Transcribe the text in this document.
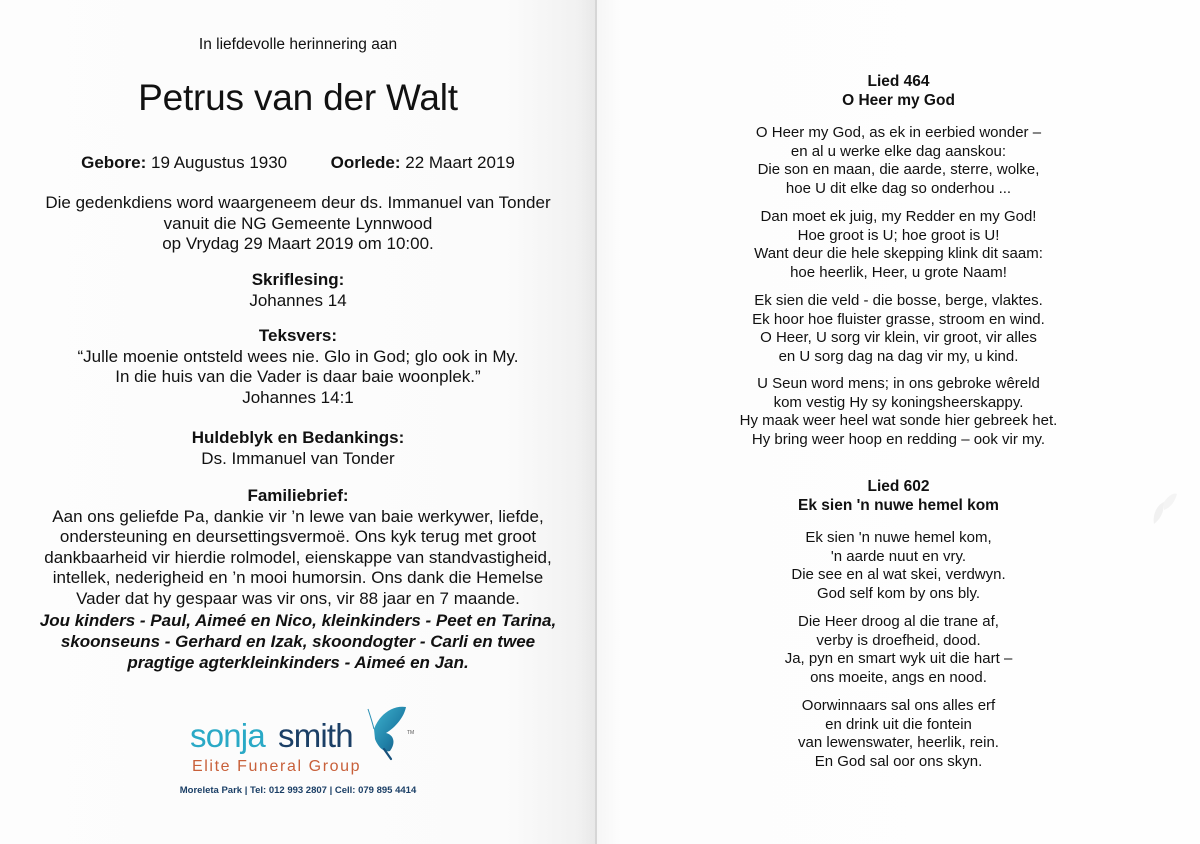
In liefdevolle herinnering aan
Petrus van der Walt
Gebore: 19 Augustus 1930	Oorlede: 22 Maart 2019
Die gedenkdiens word waargeneem deur ds. Immanuel van Tonder
vanuit die NG Gemeente Lynnwood
op Vrydag 29 Maart 2019 om 10:00.
Skriflesing:
Johannes 14
Teksvers:
“Julle moenie ontsteld wees nie. Glo in God; glo ook in My.
In die huis van die Vader is daar baie woonplek.”
Johannes 14:1
Huldeblyk en Bedankings:
Ds. Immanuel van Tonder
Familiebrief:
Aan ons geliefde Pa, dankie vir ’n lewe van baie werkywer, liefde,
ondersteuning en deursettingsvermoë. Ons kyk terug met groot
dankbaarheid vir hierdie rolmodel, eienskappe van standvastigheid,
intellek, nederigheid en ’n mooi humorsin. Ons dank die Hemelse
Vader dat hy gespaar was vir ons, vir 88 jaar en 7 maande.
Jou kinders - Paul, Aimeé en Nico, kleinkinders - Peet en Tarina,
skoonseuns - Gerhard en Izak, skoondogter - Carli en twee
pragtige agterkleinkinders - Aimeé en Jan.
sonja smith	TM
Elite Funeral Group
Moreleta Park | Tel: 012 993 2807 | Cell: 079 895 4414
Lied 464
O Heer my God
O Heer my God, as ek in eerbied wonder –
en al u werke elke dag aanskou:
Die son en maan, die aarde, sterre, wolke,
hoe U dit elke dag so onderhou ...
Dan moet ek juig, my Redder en my God!
Hoe groot is U; hoe groot is U!
Want deur die hele skepping klink dit saam:
hoe heerlik, Heer, u grote Naam!
Ek sien die veld - die bosse, berge, vlaktes.
Ek hoor hoe fluister grasse, stroom en wind.
O Heer, U sorg vir klein, vir groot, vir alles
en U sorg dag na dag vir my, u kind.
U Seun word mens; in ons gebroke wêreld
kom vestig Hy sy koningsheerskappy.
Hy maak weer heel wat sonde hier gebreek het.
Hy bring weer hoop en redding – ook vir my.
Lied 602
Ek sien 'n nuwe hemel kom
Ek sien 'n nuwe hemel kom,
'n aarde nuut en vry.
Die see en al wat skei, verdwyn.
God self kom by ons bly.
Die Heer droog al die trane af,
verby is droefheid, dood.
Ja, pyn en smart wyk uit die hart –
ons moeite, angs en nood.
Oorwinnaars sal ons alles erf
en drink uit die fontein
van lewenswater, heerlik, rein.
En God sal oor ons skyn.
